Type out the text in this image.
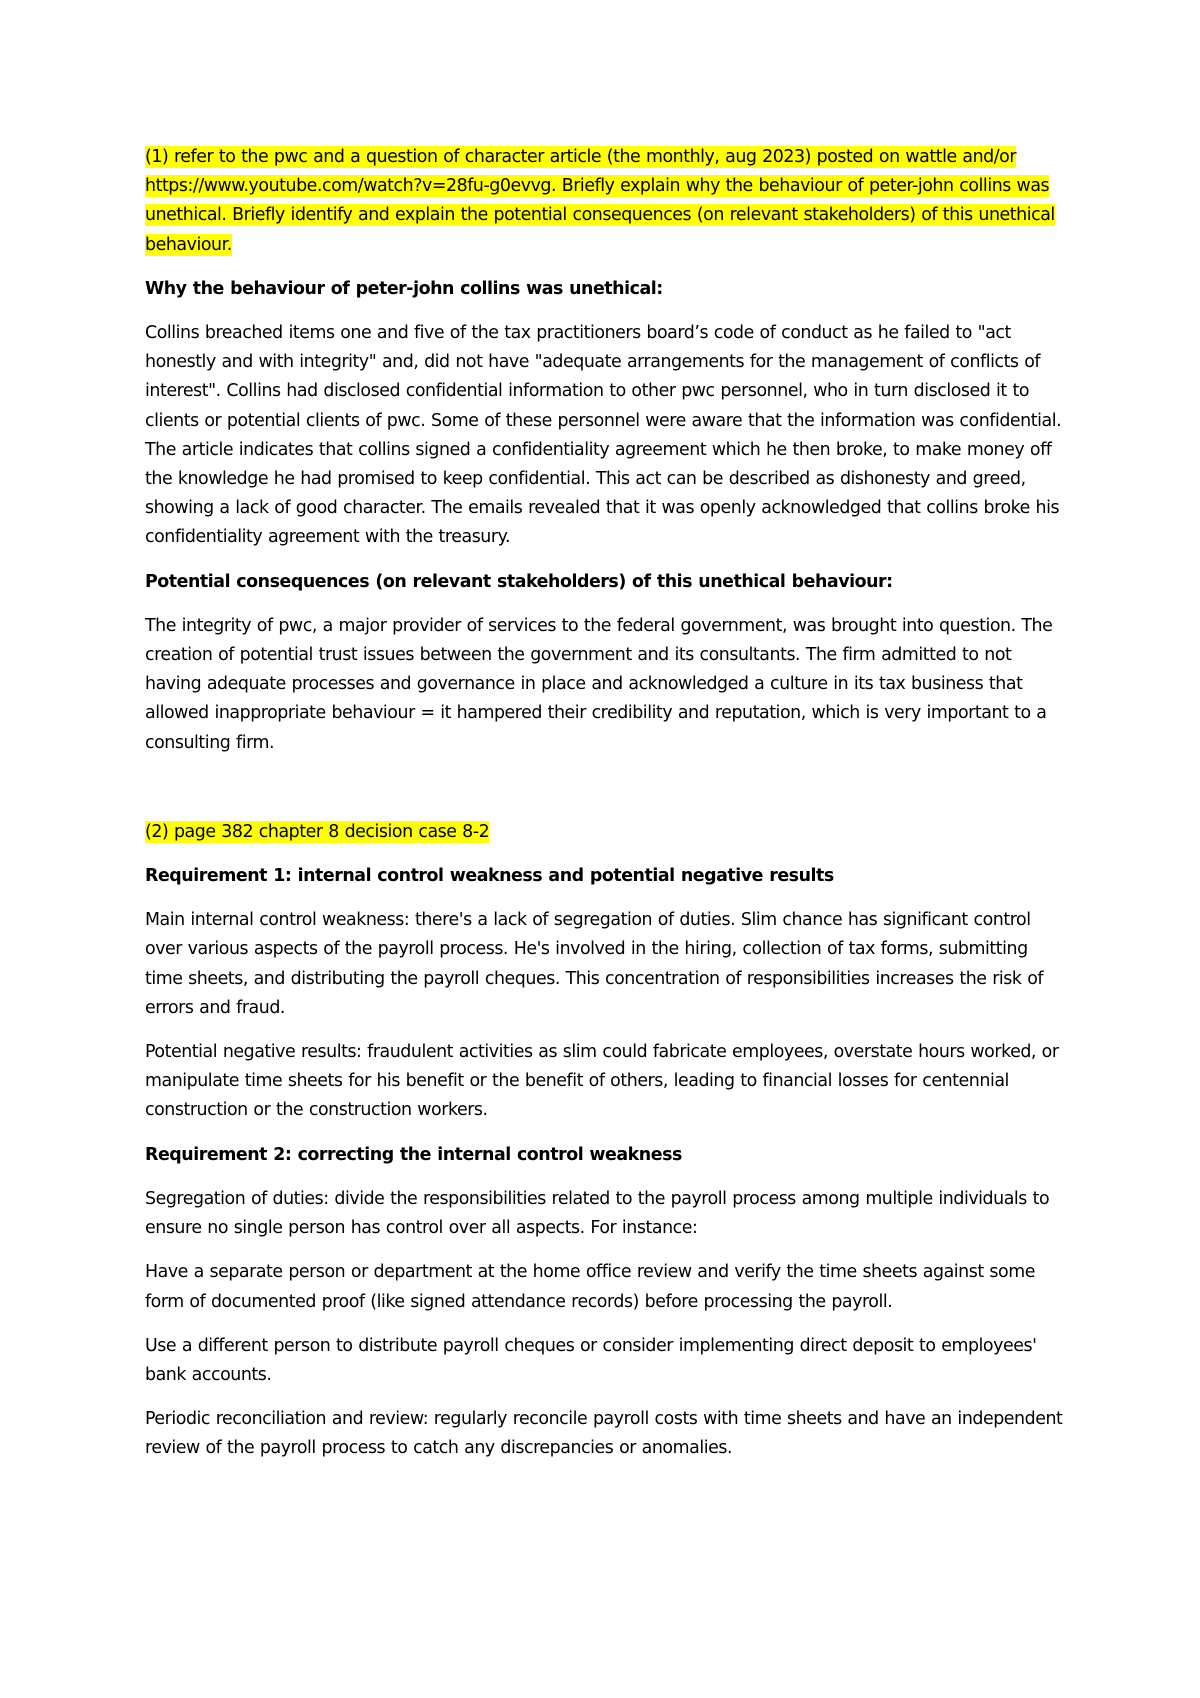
(1) refer to the pwc and a question of character article (the monthly, aug 2023) posted on wattle and/or https://www.youtube.com/watch?v=28fu-g0evvg. Briefly explain why the behaviour of peter-john collins was unethical. Briefly identify and explain the potential consequences (on relevant stakeholders) of this unethical behaviour.

Why the behaviour of peter-john collins was unethical:

Collins breached items one and five of the tax practitioners board’s code of conduct as he failed to "act honestly and with integrity" and, did not have "adequate arrangements for the management of conflicts of interest". Collins had disclosed confidential information to other pwc personnel, who in turn disclosed it to clients or potential clients of pwc. Some of these personnel were aware that the information was confidential. The article indicates that collins signed a confidentiality agreement which he then broke, to make money off the knowledge he had promised to keep confidential. This act can be described as dishonesty and greed, showing a lack of good character. The emails revealed that it was openly acknowledged that collins broke his confidentiality agreement with the treasury.

Potential consequences (on relevant stakeholders) of this unethical behaviour:

The integrity of pwc, a major provider of services to the federal government, was brought into question. The creation of potential trust issues between the government and its consultants. The firm admitted to not having adequate processes and governance in place and acknowledged a culture in its tax business that allowed inappropriate behaviour = it hampered their credibility and reputation, which is very important to a consulting firm.

(2) page 382 chapter 8 decision case 8-2

Requirement 1: internal control weakness and potential negative results

Main internal control weakness: there's a lack of segregation of duties. Slim chance has significant control over various aspects of the payroll process. He's involved in the hiring, collection of tax forms, submitting time sheets, and distributing the payroll cheques. This concentration of responsibilities increases the risk of errors and fraud.

Potential negative results: fraudulent activities as slim could fabricate employees, overstate hours worked, or manipulate time sheets for his benefit or the benefit of others, leading to financial losses for centennial construction or the construction workers.

Requirement 2: correcting the internal control weakness

Segregation of duties: divide the responsibilities related to the payroll process among multiple individuals to ensure no single person has control over all aspects. For instance:

Have a separate person or department at the home office review and verify the time sheets against some form of documented proof (like signed attendance records) before processing the payroll.

Use a different person to distribute payroll cheques or consider implementing direct deposit to employees' bank accounts.

Periodic reconciliation and review: regularly reconcile payroll costs with time sheets and have an independent review of the payroll process to catch any discrepancies or anomalies.
